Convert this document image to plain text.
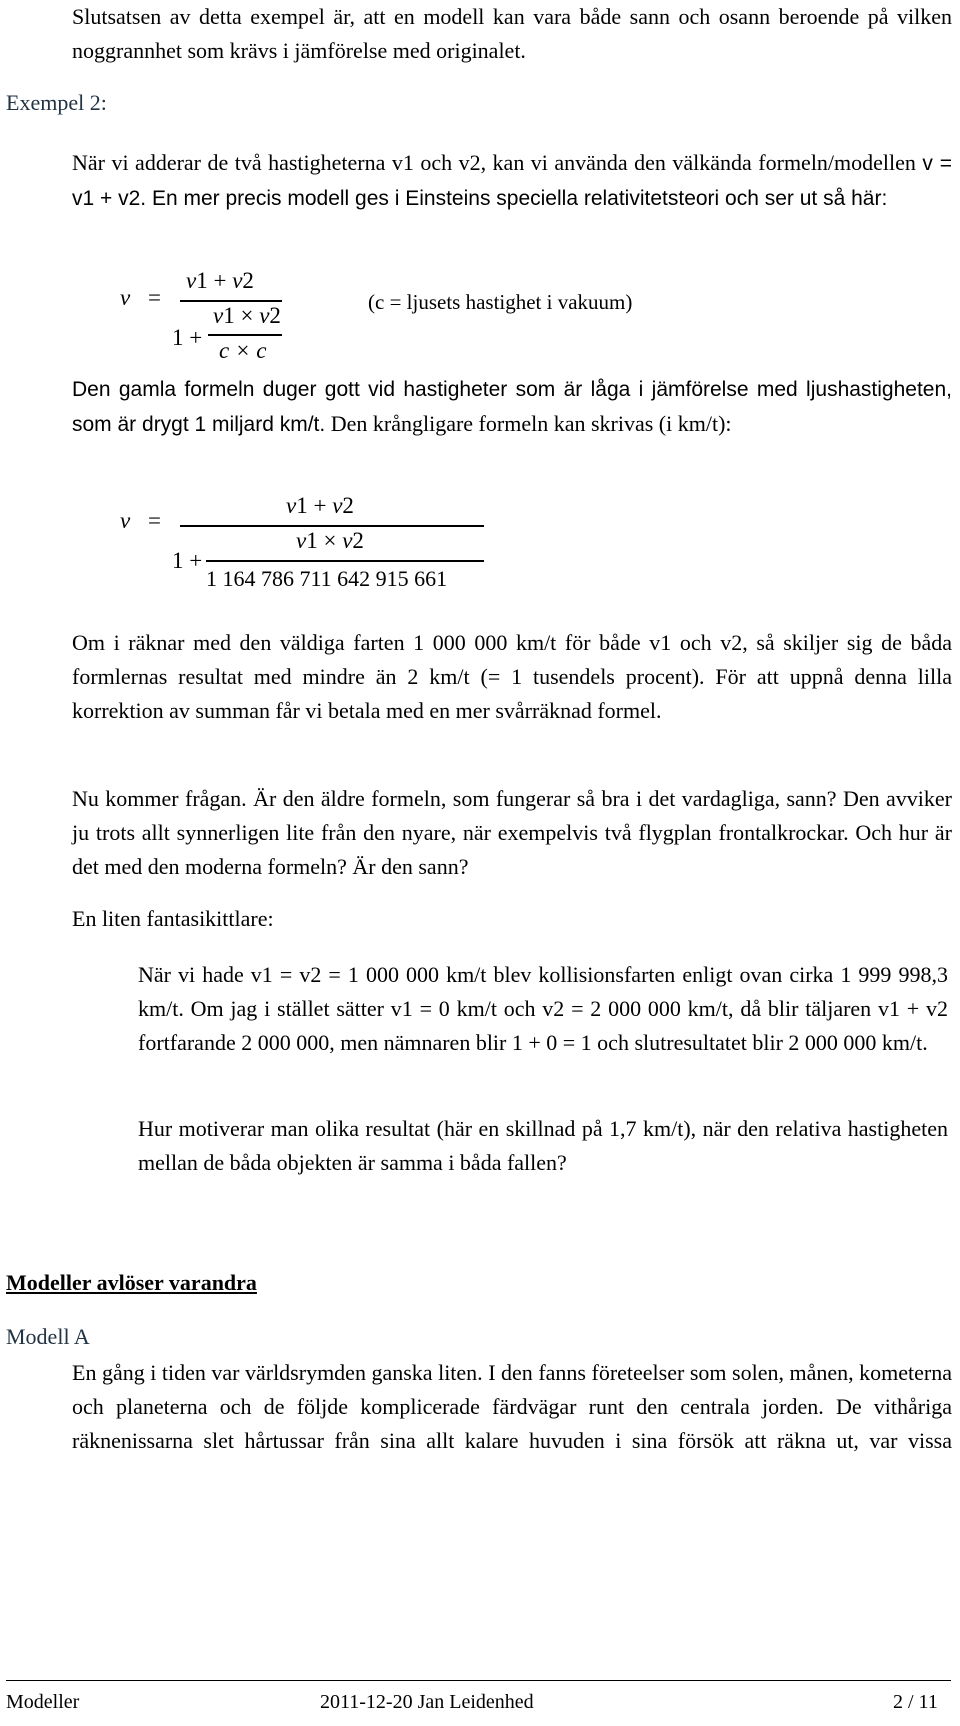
Slutsatsen av detta exempel är, att en modell kan vara både sann och osann beroende på vilken noggrannhet som krävs i jämförelse med originalet.

Exempel 2:

När vi adderar de två hastigheterna v1 och v2, kan vi använda den välkända formeln/modellen v = v1 + v2. En mer precis modell ges i Einsteins speciella relativitetsteori och ser ut så här:

v =
v1 + v2
1 +
v1 × v2
c × c
(c = ljusets hastighet i vakuum)

Den gamla formeln duger gott vid hastigheter som är låga i jämförelse med ljushastigheten, som är drygt 1 miljard km/t. Den krångligare formeln kan skrivas (i km/t):

v =
v1 + v2
1 +
v1 × v2
1 164 786 711 642 915 661

Om i räknar med den väldiga farten 1 000 000 km/t för både v1 och v2, så skiljer sig de båda formlernas resultat med mindre än 2 km/t (= 1 tusendels procent). För att uppnå denna lilla korrektion av summan får vi betala med en mer svårräknad formel.

Nu kommer frågan. Är den äldre formeln, som fungerar så bra i det vardagliga, sann? Den avviker ju trots allt synnerligen lite från den nyare, när exempelvis två flygplan frontalkrockar. Och hur är det med den moderna formeln? Är den sann?

En liten fantasikittlare:

När vi hade v1 = v2 = 1 000 000 km/t blev kollisionsfarten enligt ovan cirka 1 999 998,3 km/t. Om jag i stället sätter v1 = 0 km/t och v2 = 2 000 000 km/t, då blir täljaren v1 + v2 fortfarande 2 000 000, men nämnaren blir 1 + 0 = 1 och slutresultatet blir 2 000 000 km/t.

Hur motiverar man olika resultat (här en skillnad på 1,7 km/t), när den relativa hastigheten mellan de båda objekten är samma i båda fallen?

Modeller avlöser varandra
Modell A

En gång i tiden var världsrymden ganska liten. I den fanns företeelser som solen, månen, kometerna och planeterna och de följde komplicerade färdvägar runt den centrala jorden. De vithåriga räknenissarna slet hårtussar från sina allt kalare huvuden i sina försök att räkna ut, var vissa

Modeller	2011-12-20 Jan Leidenhed	2 / 11
